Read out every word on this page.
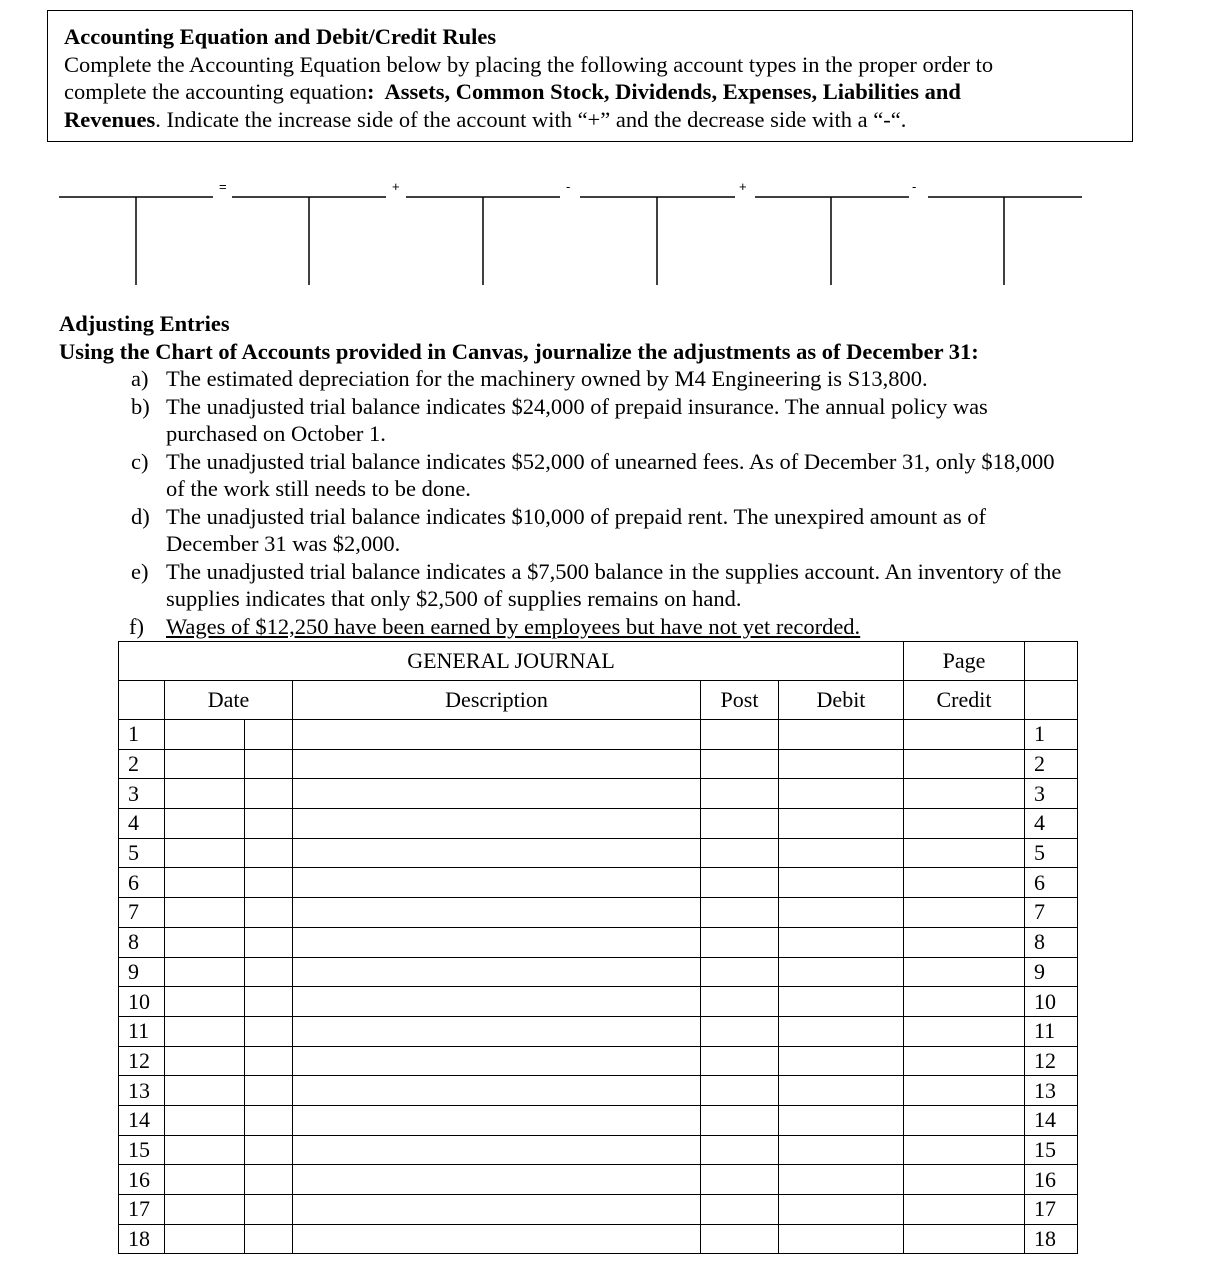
Accounting Equation and Debit/Credit Rules
Complete the Accounting Equation below by placing the following account types in the proper order to
complete the accounting equation:  Assets, Common Stock, Dividends, Expenses, Liabilities and
Revenues. Indicate the increase side of the account with “+” and the decrease side with a “-“.
=	+	-	+	-
Adjusting Entries
Using the Chart of Accounts provided in Canvas, journalize the adjustments as of December 31:
a) The estimated depreciation for the machinery owned by M4 Engineering is S13,800.
b) The unadjusted trial balance indicates $24,000 of prepaid insurance. The annual policy was
purchased on October 1.
c) The unadjusted trial balance indicates $52,000 of unearned fees. As of December 31, only $18,000
of the work still needs to be done.
d) The unadjusted trial balance indicates $10,000 of prepaid rent. The unexpired amount as of
December 31 was $2,000.
e) The unadjusted trial balance indicates a $7,500 balance in the supplies account. An inventory of the
supplies indicates that only $2,500 of supplies remains on hand.
f) Wages of $12,250 have been earned by employees but have not yet recorded.
GENERAL JOURNAL						Page	
	Date		Description	Post	Debit	Credit	
1							1
2							2
3							3
4							4
5							5
6							6
7							7
8							8
9							9
10							10
11							11
12							12
13							13
14							14
15							15
16							16
17							17
18							18
